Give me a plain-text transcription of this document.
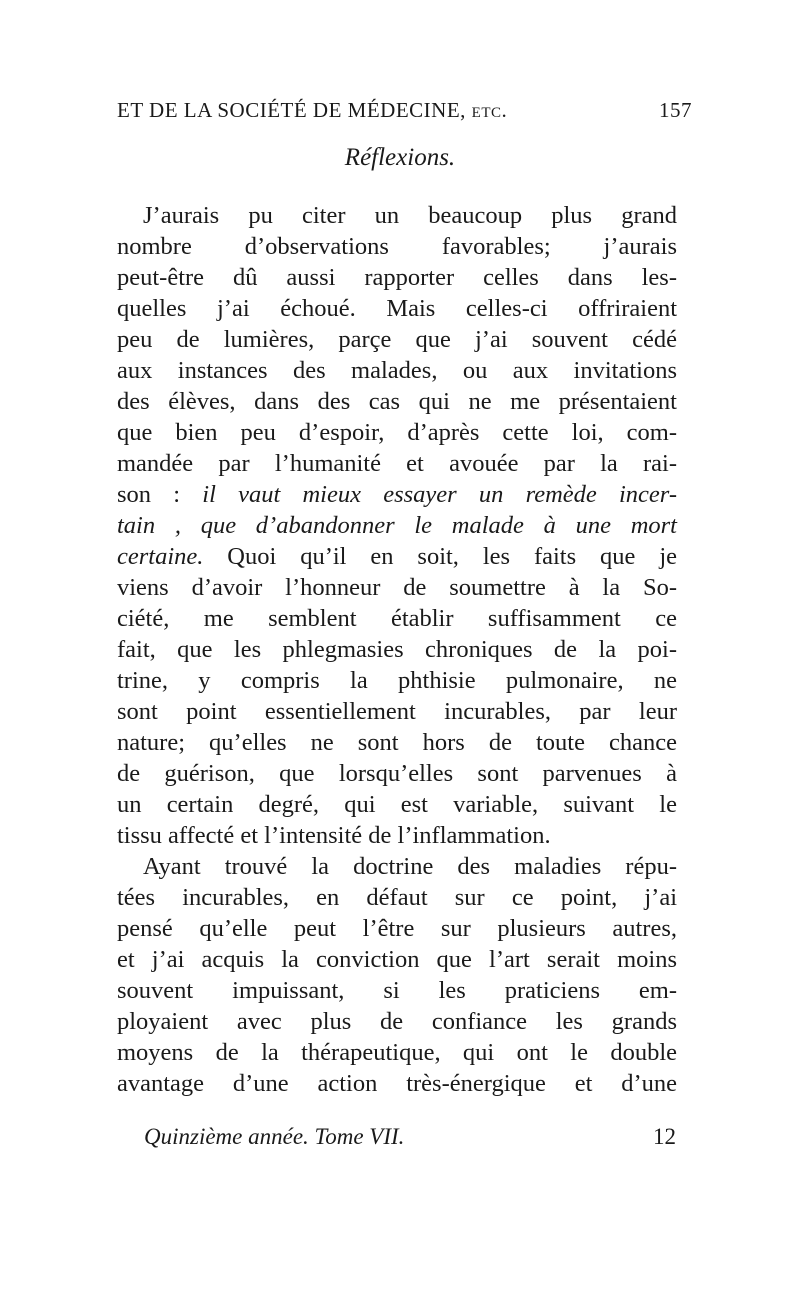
ET DE LA SOCIÉTÉ DE MÉDECINE, etc.	157
Réflexions.
J’aurais pu citer un beaucoup plus grand
nombre d’observations favorables; j’aurais
peut-être dû aussi rapporter celles dans les-
quelles j’ai échoué. Mais celles-ci offriraient
peu de lumières, parçe que j’ai souvent cédé
aux instances des malades, ou aux invitations
des élèves, dans des cas qui ne me présentaient
que bien peu d’espoir, d’après cette loi, com-
mandée par l’humanité et avouée par la rai-
son : il vaut mieux essayer un remède incer-
tain , que d’abandonner le malade à une mort
certaine. Quoi qu’il en soit, les faits que je
viens d’avoir l’honneur de soumettre à la So-
ciété, me semblent établir suffisamment ce
fait, que les phlegmasies chroniques de la poi-
trine, y compris la phthisie pulmonaire, ne
sont point essentiellement incurables, par leur
nature; qu’elles ne sont hors de toute chance
de guérison, que lorsqu’elles sont parvenues à
un certain degré, qui est variable, suivant le
tissu affecté et l’intensité de l’inflammation.
Ayant trouvé la doctrine des maladies répu-
tées incurables, en défaut sur ce point, j’ai
pensé qu’elle peut l’être sur plusieurs autres,
et j’ai acquis la conviction que l’art serait moins
souvent impuissant, si les praticiens em-
ployaient avec plus de confiance les grands
moyens de la thérapeutique, qui ont le double
avantage d’une action très-énergique et d’une
Quinzième année. Tome VII.	12
